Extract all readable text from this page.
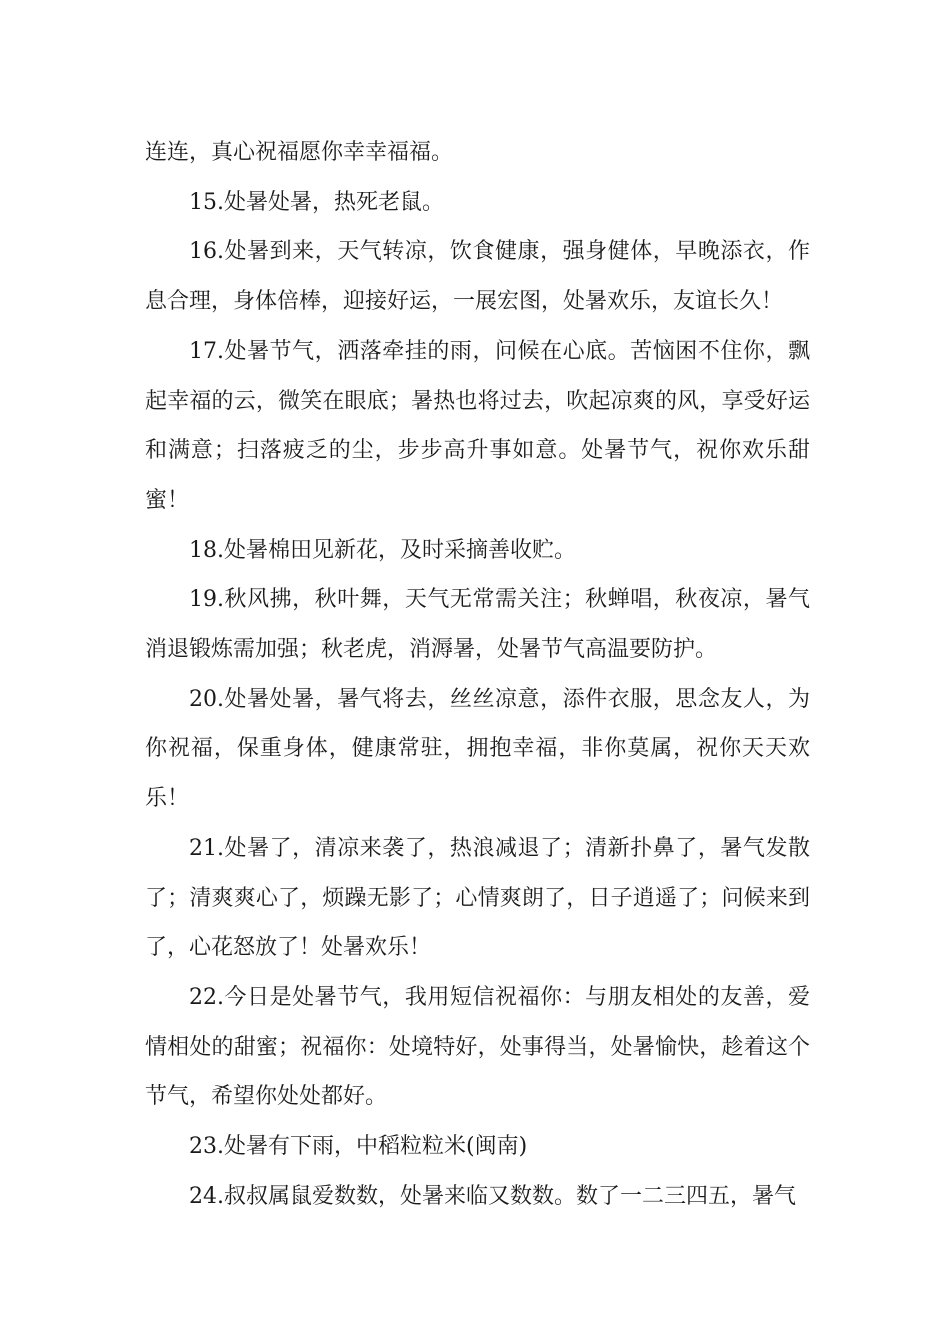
连连，真心祝福愿你幸幸福福。

15.处暑处暑，热死老鼠。

16.处暑到来，天气转凉，饮食健康，强身健体，早晚添衣，作息合理，身体倍棒，迎接好运，一展宏图，处暑欢乐，友谊长久！

17.处暑节气，洒落牵挂的雨，问候在心底。苦恼困不住你，飘起幸福的云，微笑在眼底；暑热也将过去，吹起凉爽的风，享受好运和满意；扫落疲乏的尘，步步高升事如意。处暑节气，祝你欢乐甜蜜！

18.处暑棉田见新花，及时采摘善收贮。

19.秋风拂，秋叶舞，天气无常需关注；秋蝉唱，秋夜凉，暑气消退锻炼需加强；秋老虎，消溽暑，处暑节气高温要防护。

20.处暑处暑，暑气将去，丝丝凉意，添件衣服，思念友人，为你祝福，保重身体，健康常驻，拥抱幸福，非你莫属，祝你天天欢乐！

21.处暑了，清凉来袭了，热浪减退了；清新扑鼻了，暑气发散了；清爽爽心了，烦躁无影了；心情爽朗了，日子逍遥了；问候来到了，心花怒放了！处暑欢乐！

22.今日是处暑节气，我用短信祝福你：与朋友相处的友善，爱情相处的甜蜜；祝福你：处境特好，处事得当，处暑愉快，趁着这个节气，希望你处处都好。

23.处暑有下雨，中稻粒粒米(闽南)

24.叔叔属鼠爱数数，处暑来临又数数。数了一二三四五，暑气
